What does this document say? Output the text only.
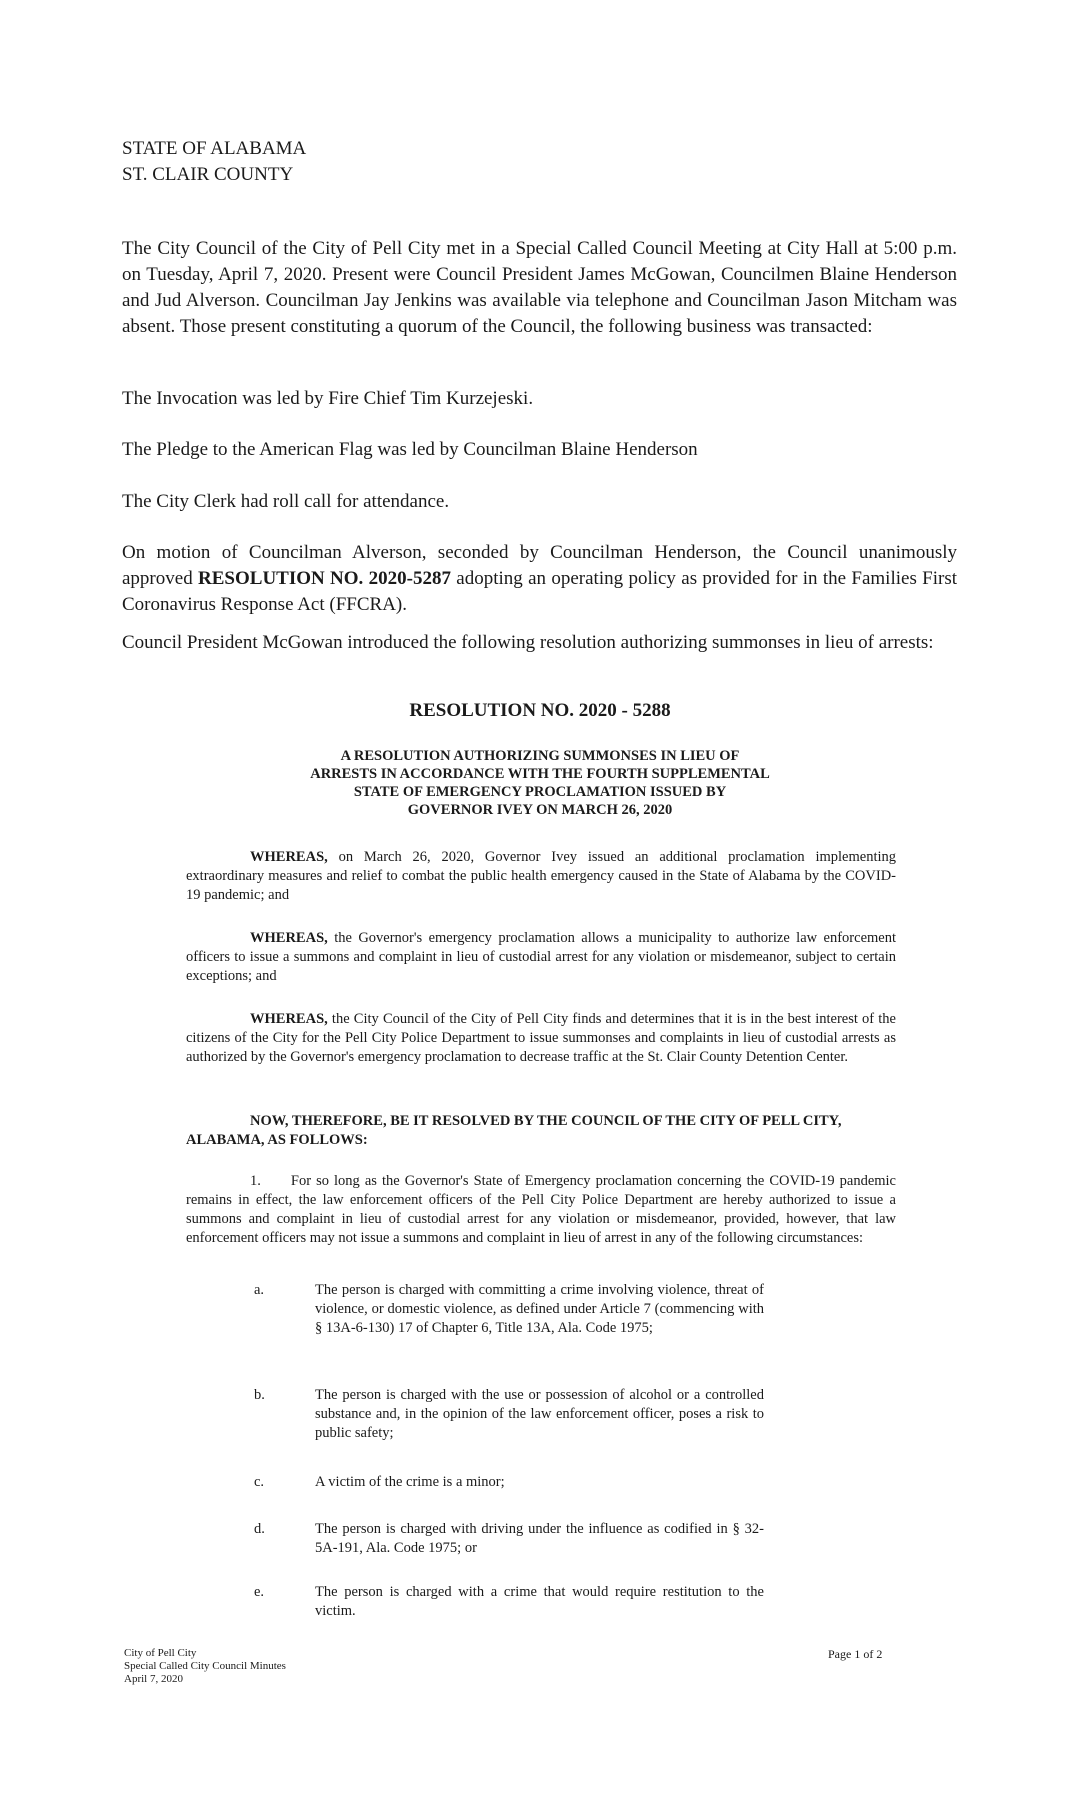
STATE OF ALABAMA
ST. CLAIR COUNTY

The City Council of the City of Pell City met in a Special Called Council Meeting at City Hall at 5:00 p.m. on Tuesday, April 7, 2020. Present were Council President James McGowan, Councilmen Blaine Henderson and Jud Alverson. Councilman Jay Jenkins was available via telephone and Councilman Jason Mitcham was absent. Those present constituting a quorum of the Council, the following business was transacted:

The Invocation was led by Fire Chief Tim Kurzejeski.

The Pledge to the American Flag was led by Councilman Blaine Henderson

The City Clerk had roll call for attendance.

On motion of Councilman Alverson, seconded by Councilman Henderson, the Council unanimously approved RESOLUTION NO. 2020-5287 adopting an operating policy as provided for in the Families First Coronavirus Response Act (FFCRA).

Council President McGowan introduced the following resolution authorizing summonses in lieu of arrests:

RESOLUTION NO. 2020 - 5288
A RESOLUTION AUTHORIZING SUMMONSES IN LIEU OF
ARRESTS IN ACCORDANCE WITH THE FOURTH SUPPLEMENTAL
STATE OF EMERGENCY PROCLAMATION ISSUED BY
GOVERNOR IVEY ON MARCH 26, 2020

WHEREAS, on March 26, 2020, Governor Ivey issued an additional proclamation implementing extraordinary measures and relief to combat the public health emergency caused in the State of Alabama by the COVID-19 pandemic; and

WHEREAS, the Governor's emergency proclamation allows a municipality to authorize law enforcement officers to issue a summons and complaint in lieu of custodial arrest for any violation or misdemeanor, subject to certain exceptions; and

WHEREAS, the City Council of the City of Pell City finds and determines that it is in the best interest of the citizens of the City for the Pell City Police Department to issue summonses and complaints in lieu of custodial arrests as authorized by the Governor's emergency proclamation to decrease traffic at the St. Clair County Detention Center.

NOW, THEREFORE, BE IT RESOLVED BY THE COUNCIL OF THE CITY OF PELL CITY, ALABAMA, AS FOLLOWS:

1. For so long as the Governor's State of Emergency proclamation concerning the COVID-19 pandemic remains in effect, the law enforcement officers of the Pell City Police Department are hereby authorized to issue a summons and complaint in lieu of custodial arrest for any violation or misdemeanor, provided, however, that law enforcement officers may not issue a summons and complaint in lieu of arrest in any of the following circumstances:

a.	The person is charged with committing a crime involving violence, threat of violence, or domestic violence, as defined under Article 7 (commencing with § 13A-6-130) 17 of Chapter 6, Title 13A, Ala. Code 1975;
b.	The person is charged with the use or possession of alcohol or a controlled substance and, in the opinion of the law enforcement officer, poses a risk to public safety;
c.	A victim of the crime is a minor;
d.	The person is charged with driving under the influence as codified in § 32-5A-191, Ala. Code 1975; or
e.	The person is charged with a crime that would require restitution to the victim.
City of Pell City
Special Called City Council Minutes
April 7, 2020
Page 1 of 2
